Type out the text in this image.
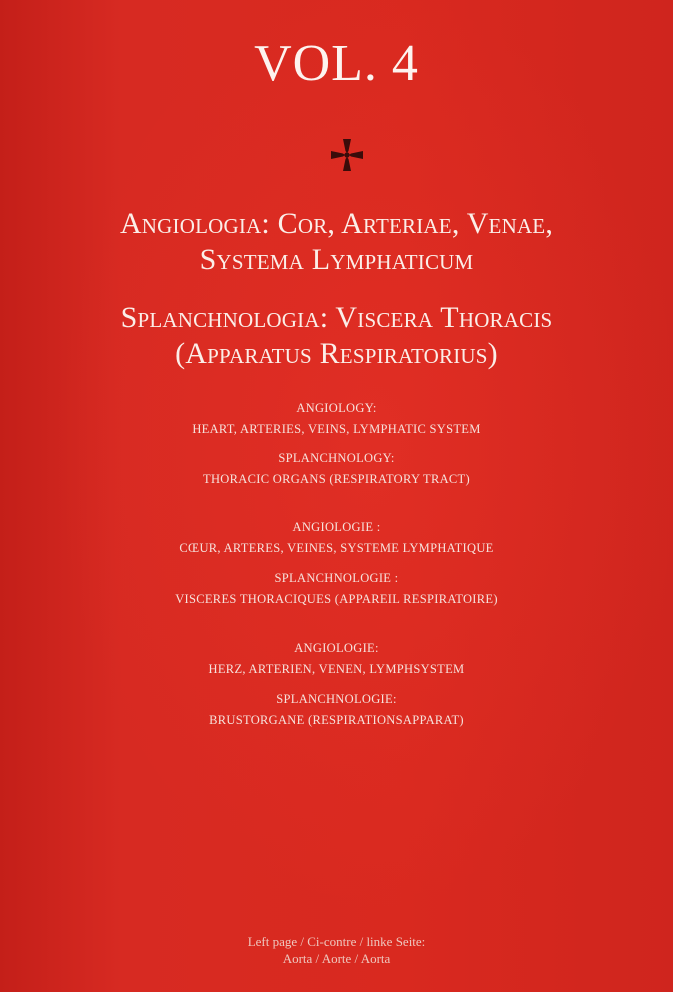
VOL. 4
Angiologia: Cor, Arteriae, Venae, Systema Lymphaticum
Splanchnologia: Viscera Thoracis (Apparatus Respiratorius)
ANGIOLOGY:
HEART, ARTERIES, VEINS, LYMPHATIC SYSTEM
SPLANCHNOLOGY:
THORACIC ORGANS (RESPIRATORY TRACT)
ANGIOLOGIE :
CŒUR, ARTERES, VEINES, SYSTEME LYMPHATIQUE
SPLANCHNOLOGIE :
VISCERES THORACIQUES (APPAREIL RESPIRATOIRE)
ANGIOLOGIE:
HERZ, ARTERIEN, VENEN, LYMPHSYSTEM
SPLANCHNOLOGIE:
BRUSTORGANE (RESPIRATIONSAPPARAT)
Left page / Ci-contre / linke Seite:
Aorta / Aorte / Aorta
